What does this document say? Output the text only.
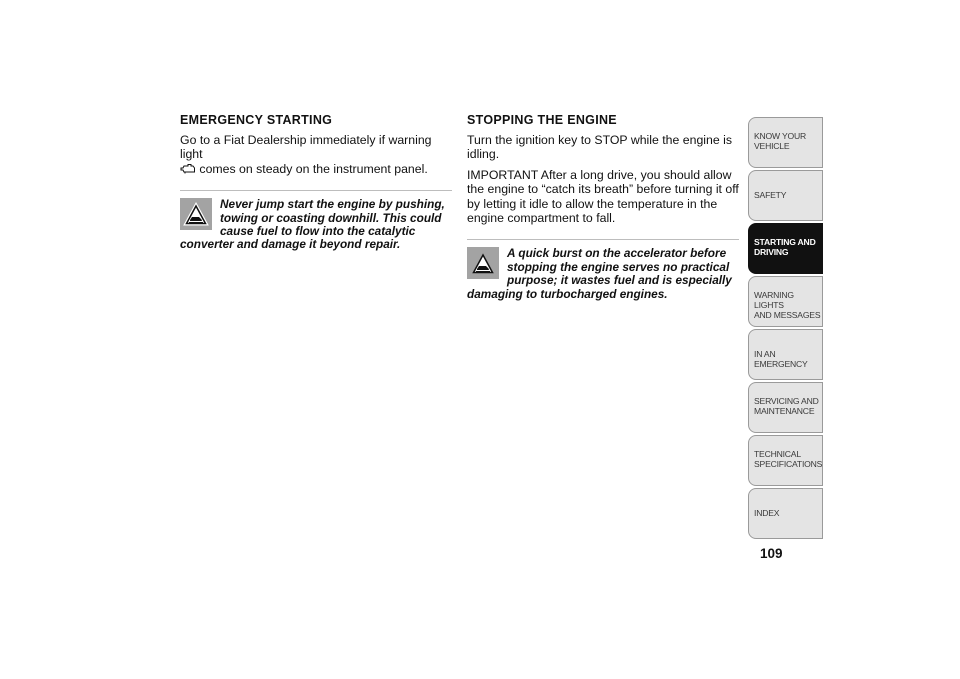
EMERGENCY STARTING

Go to a Fiat Dealership immediately if warning light
comes on steady on the instrument panel.

Never jump start the engine by pushing,
towing or coasting downhill. This could
cause fuel to flow into the catalytic
converter and damage it beyond repair.
STOPPING THE ENGINE

Turn the ignition key to STOP while the engine is idling.

IMPORTANT After a long drive, you should allow the engine to “catch its breath” before turning it off by letting it idle to allow the temperature in the engine compartment to fall.

A quick burst on the accelerator before
stopping the engine serves no practical
purpose; it wastes fuel and is especially
damaging to turbocharged engines.
KNOW YOUR
VEHICLE
SAFETY
STARTING AND
DRIVING
WARNING LIGHTS
AND MESSAGES
IN AN EMERGENCY
SERVICING AND
MAINTENANCE
TECHNICAL
SPECIFICATIONS
INDEX
109
